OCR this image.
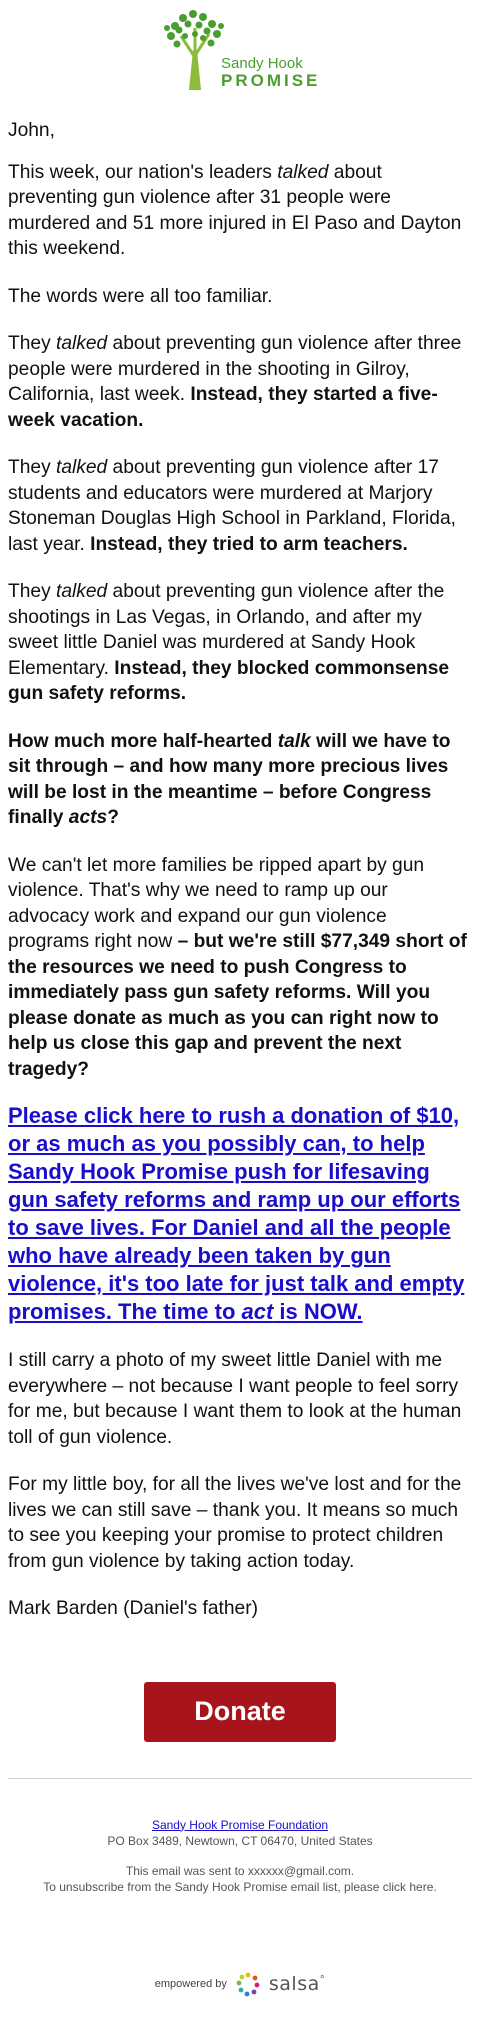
Sandy Hook
PROMISE

John,

This week, our nation's leaders talked about preventing gun violence after 31 people were murdered and 51 more injured in El Paso and Dayton this weekend.

The words were all too familiar.

They talked about preventing gun violence after three people were murdered in the shooting in Gilroy, California, last week. Instead, they started a five-week vacation.

They talked about preventing gun violence after 17 students and educators were murdered at Marjory Stoneman Douglas High School in Parkland, Florida, last year. Instead, they tried to arm teachers.

They talked about preventing gun violence after the shootings in Las Vegas, in Orlando, and after my sweet little Daniel was murdered at Sandy Hook Elementary. Instead, they blocked commonsense gun safety reforms.

How much more half-hearted talk will we have to sit through – and how many more precious lives will be lost in the meantime – before Congress finally acts?

We can't let more families be ripped apart by gun violence. That's why we need to ramp up our advocacy work and expand our gun violence programs right now – but we're still $77,349 short of the resources we need to push Congress to immediately pass gun safety reforms. Will you please donate as much as you can right now to help us close this gap and prevent the next tragedy?

Please click here to rush a donation of $10, or as much as you possibly can, to help Sandy Hook Promise push for lifesaving gun safety reforms and ramp up our efforts to save lives. For Daniel and all the people who have already been taken by gun violence, it's too late for just talk and empty promises. The time to act is NOW.

I still carry a photo of my sweet little Daniel with me everywhere – not because I want people to feel sorry for me, but because I want them to look at the human toll of gun violence.

For my little boy, for all the lives we've lost and for the lives we can still save – thank you. It means so much to see you keeping your promise to protect children from gun violence by taking action today.

Mark Barden (Daniel's father)

Donate
Sandy Hook Promise Foundation
PO Box 3489, Newtown, CT 06470, United States
This email was sent to xxxxxx@gmail.com.
To unsubscribe from the Sandy Hook Promise email list, please click here.
empowered by salsa°
